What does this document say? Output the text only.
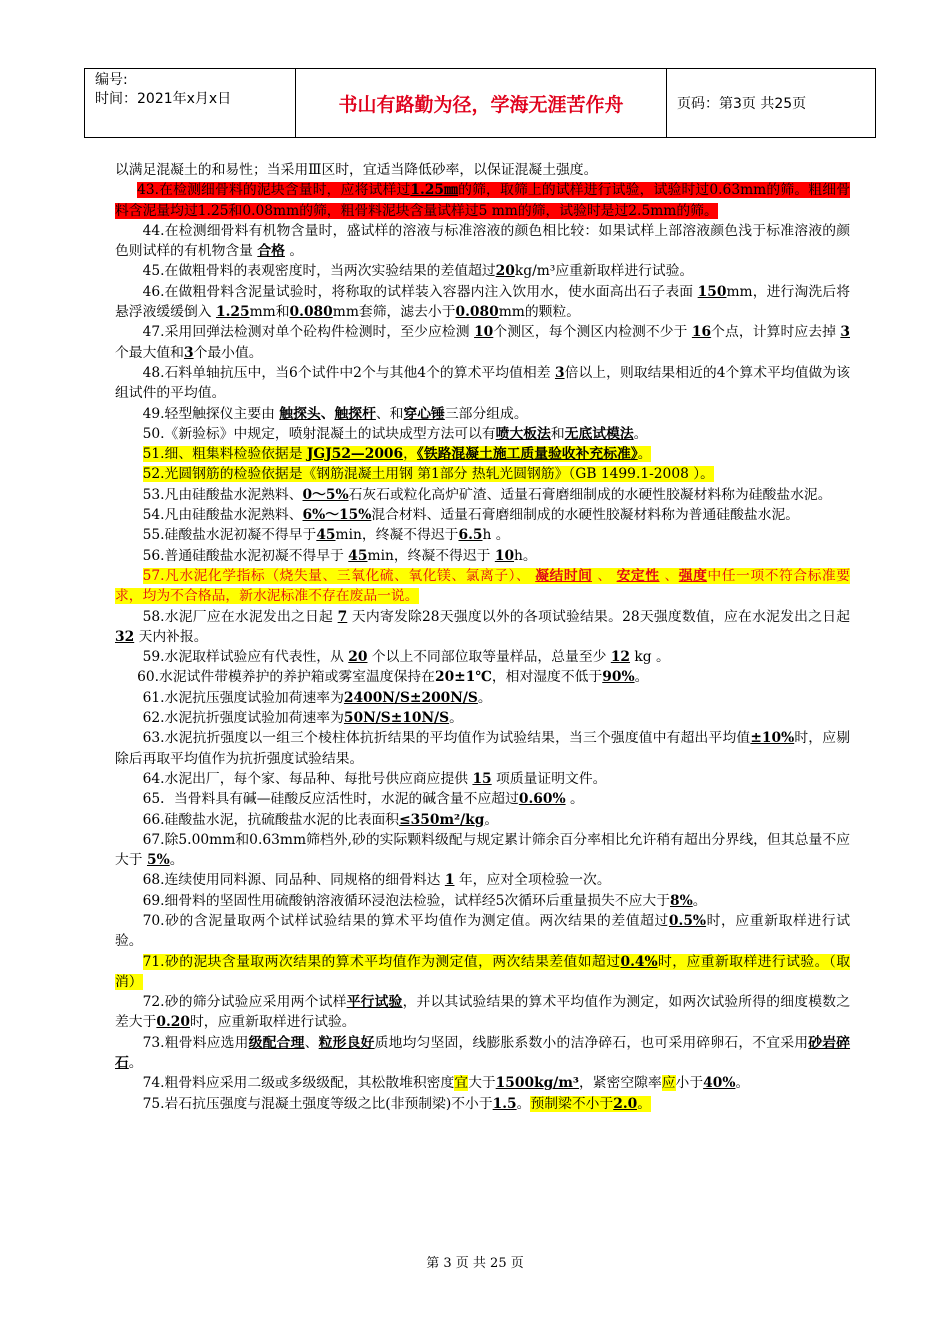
编号:
时间：2021年x月x日	书山有路勤为径，学海无涯苦作舟	页码：第3页 共25页

以满足混凝土的和易性；当采用Ⅲ区时，宜适当降低砂率，以保证混凝土强度。

43.在检测细骨料的泥块含量时，应将试样过1.25㎜的筛，取筛上的试样进行试验，试验时过0.63mm的筛。粗细骨料含泥量均过1.25和0.08mm的筛，粗骨料泥块含量试样过5 mm的筛，试验时是过2.5mm的筛。

44.在检测细骨料有机物含量时，盛试样的溶液与标准溶液的颜色相比较：如果试样上部溶液颜色浅于标准溶液的颜色则试样的有机物含量 合格 。

45.在做粗骨料的表观密度时，当两次实验结果的差值超过20kg/m³应重新取样进行试验。

46.在做粗骨料含泥量试验时，将称取的试样装入容器内注入饮用水，使水面高出石子表面 150mm，进行淘洗后将悬浮液缓缓倒入 1.25mm和0.080mm套筛，滤去小于0.080mm的颗粒。

47.采用回弹法检测对单个砼构件检测时，至少应检测 10个测区，每个测区内检测不少于 16个点，计算时应去掉 3个最大值和3个最小值。

48.石料单轴抗压中，当6个试件中2个与其他4个的算术平均值相差 3倍以上，则取结果相近的4个算术平均值做为该组试件的平均值。

49.轻型触探仪主要由 触探头、触探杆、和穿心锤三部分组成。

50.《新验标》中规定，喷射混凝土的试块成型方法可以有喷大板法和无底试模法。

51.细、粗集料检验依据是 JGJ52—2006，《铁路混凝土施工质量验收补充标准》。

52.光圆钢筋的检验依据是《钢筋混凝土用钢 第1部分 热轧光圆钢筋》（GB 1499.1-2008 ）。

53.凡由硅酸盐水泥熟料、0～5%石灰石或粒化高炉矿渣、适量石膏磨细制成的水硬性胶凝材料称为硅酸盐水泥。

54.凡由硅酸盐水泥熟料、6%～15%混合材料、适量石膏磨细制成的水硬性胶凝材料称为普通硅酸盐水泥。

55.硅酸盐水泥初凝不得早于45min，终凝不得迟于6.5h 。

56.普通硅酸盐水泥初凝不得早于 45min，终凝不得迟于 10h。

57.凡水泥化学指标（烧失量、三氧化硫、氧化镁、氯离子）、 凝结时间 、 安定性 、强度中任一项不符合标准要求，均为不合格品，新水泥标准不存在废品一说。

58.水泥厂应在水泥发出之日起 7 天内寄发除28天强度以外的各项试验结果。28天强度数值，应在水泥发出之日起 32 天内补报。

59.水泥取样试验应有代表性，从 20 个以上不同部位取等量样品，总量至少 12 kg 。

60.水泥试件带模养护的养护箱或雾室温度保持在20±1℃，相对湿度不低于90%。

61.水泥抗压强度试验加荷速率为2400N/S±200N/S。

62.水泥抗折强度试验加荷速率为50N/S±10N/S。

63.水泥抗折强度以一组三个棱柱体抗折结果的平均值作为试验结果，当三个强度值中有超出平均值±10%时，应剔除后再取平均值作为抗折强度试验结果。

64.水泥出厂，每个家、每品种、每批号供应商应提供 15 项质量证明文件。

65．当骨料具有碱—硅酸反应活性时，水泥的碱含量不应超过0.60% 。

66.硅酸盐水泥，抗硫酸盐水泥的比表面积≤350m²/kg。

67.除5.00mm和0.63mm筛档外,砂的实际颗料级配与规定累计筛余百分率相比允许稍有超出分界线，但其总量不应大于 5%。

68.连续使用同料源、同品种、同规格的细骨料达 1 年，应对全项检验一次。

69.细骨料的坚固性用硫酸钠溶液循环浸泡法检验，试样经5次循环后重量损失不应大于8%。

70.砂的含泥量取两个试样试验结果的算术平均值作为测定值。两次结果的差值超过0.5%时，应重新取样进行试验。

71.砂的泥块含量取两次结果的算术平均值作为测定值，两次结果差值如超过0.4%时，应重新取样进行试验。（取消）

72.砂的筛分试验应采用两个试样平行试验，并以其试验结果的算术平均值作为测定，如两次试验所得的细度模数之差大于0.20时，应重新取样进行试验。

73.粗骨料应选用级配合理、粒形良好质地均匀坚固，线膨胀系数小的洁净碎石，也可采用碎卵石，不宜采用砂岩碎石。

74.粗骨料应采用二级或多级级配，其松散堆积密度宜大于1500kg/m³，紧密空隙率应小于40%。

75.岩石抗压强度与混凝土强度等级之比(非预制梁)不小于1.5。预制梁不小于2.0。

第 3 页 共 25 页
